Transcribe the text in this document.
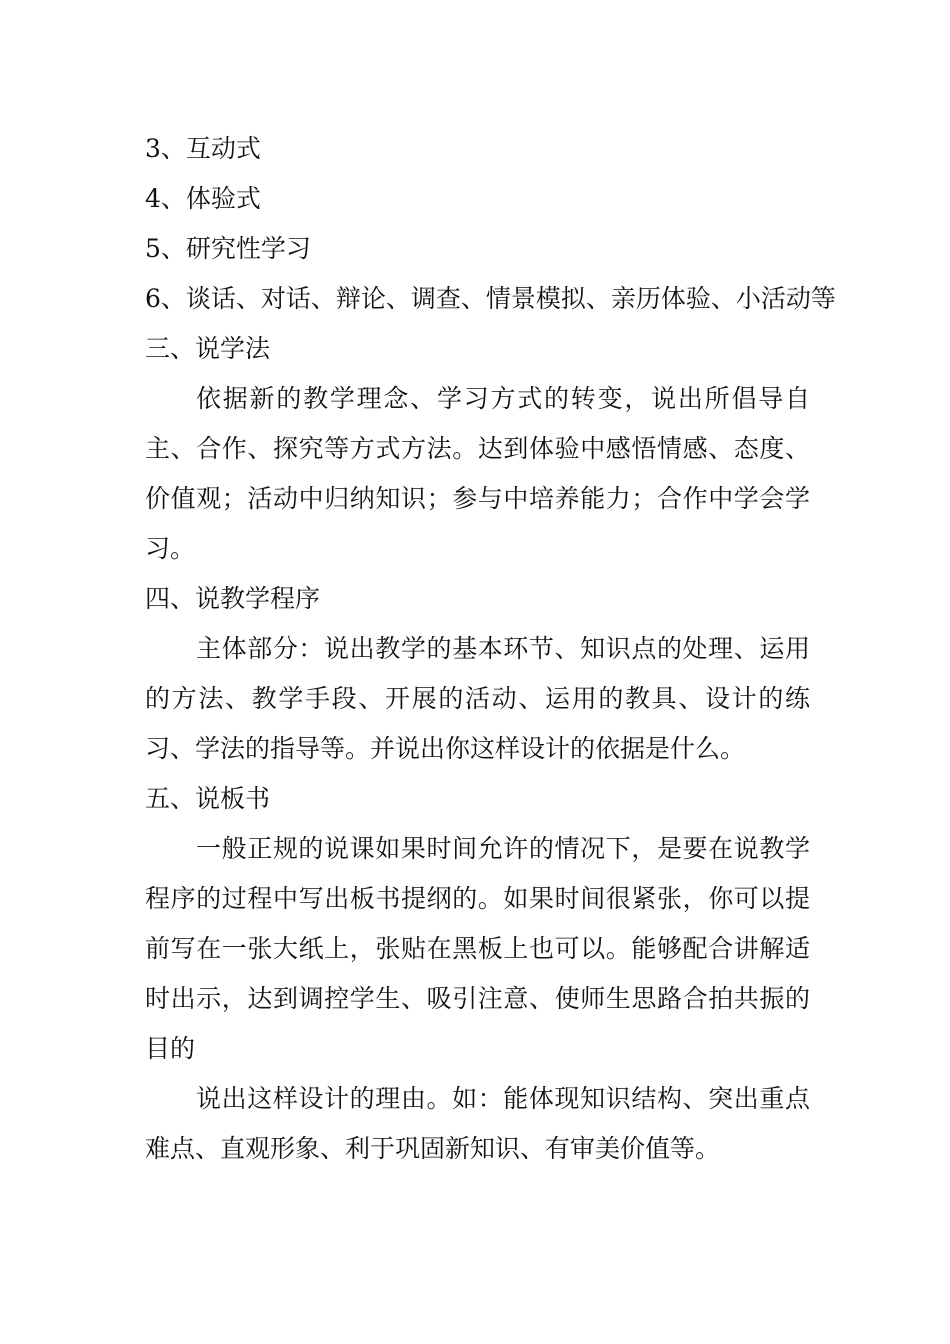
3、互动式
4、体验式
5、研究性学习
6、谈话、对话、辩论、调查、情景模拟、亲历体验、小活动等
三、说学法
依据新的教学理念、学习方式的转变，说出所倡导自主、合作、探究等方式方法。达到体验中感悟情感、态度、价值观；活动中归纳知识；参与中培养能力；合作中学会学习。
四、说教学程序
主体部分：说出教学的基本环节、知识点的处理、运用的方法、教学手段、开展的活动、运用的教具、设计的练习、学法的指导等。并说出你这样设计的依据是什么。
五、说板书
一般正规的说课如果时间允许的情况下，是要在说教学程序的过程中写出板书提纲的。如果时间很紧张，你可以提前写在一张大纸上，张贴在黑板上也可以。能够配合讲解适时出示，达到调控学生、吸引注意、使师生思路合拍共振的目的
说出这样设计的理由。如：能体现知识结构、突出重点难点、直观形象、利于巩固新知识、有审美价值等。
